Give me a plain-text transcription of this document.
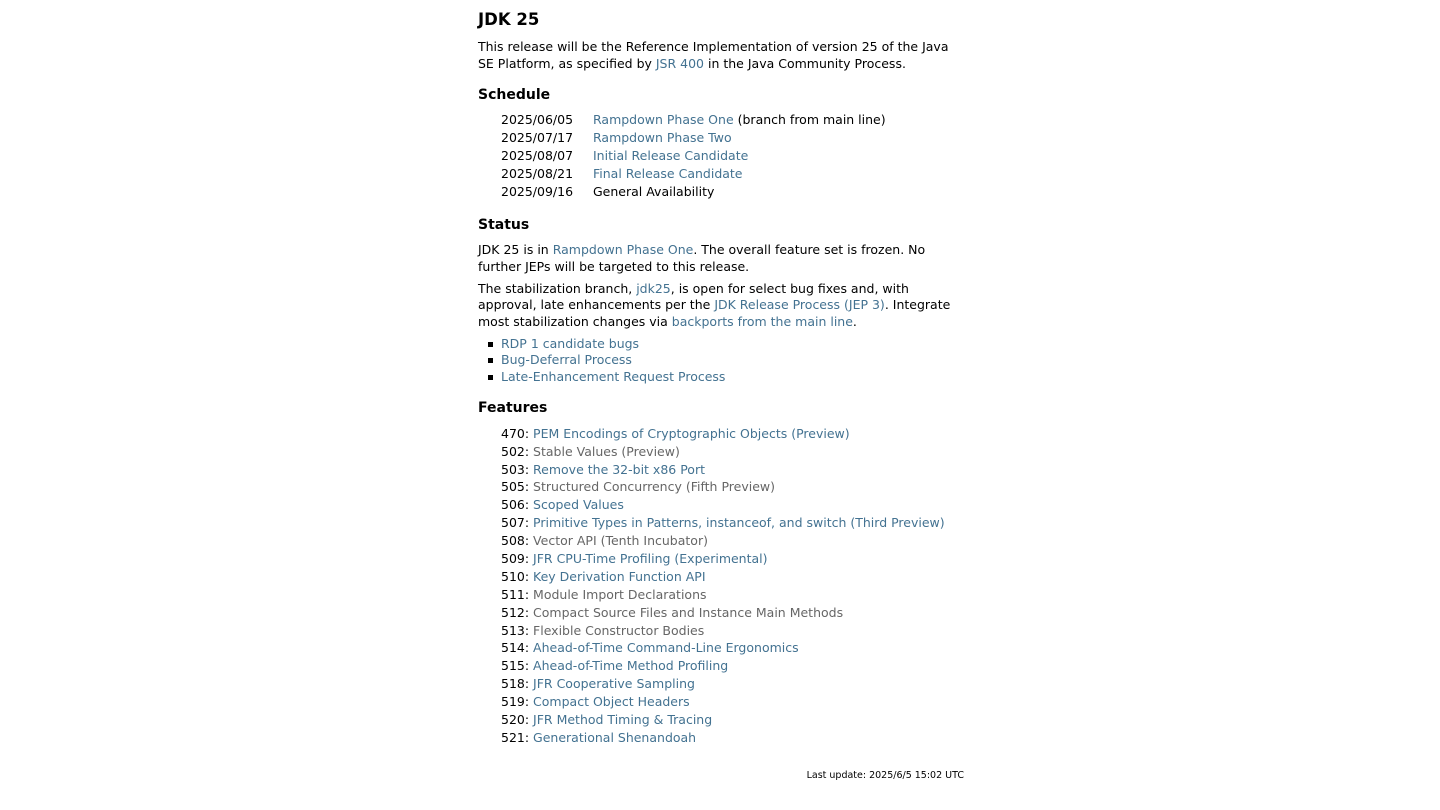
JDK 25

This release will be the Reference Implementation of version 25 of the Java SE Platform, as specified by JSR 400 in the Java Community Process.

Schedule
2025/06/05	Rampdown Phase One (branch from main line)
2025/07/17	Rampdown Phase Two
2025/08/07	Initial Release Candidate
2025/08/21	Final Release Candidate
2025/09/16	General Availability
Status

JDK 25 is in Rampdown Phase One. The overall feature set is frozen. No further JEPs will be targeted to this release.

The stabilization branch, jdk25, is open for select bug fixes and, with approval, late enhancements per the JDK Release Process (JEP 3). Integrate most stabilization changes via backports from the main line.

RDP 1 candidate bugs
Bug-Deferral Process
Late-Enhancement Request Process
Features
470: PEM Encodings of Cryptographic Objects (Preview)
502: Stable Values (Preview)
503: Remove the 32-bit x86 Port
505: Structured Concurrency (Fifth Preview)
506: Scoped Values
507: Primitive Types in Patterns, instanceof, and switch (Third Preview)
508: Vector API (Tenth Incubator)
509: JFR CPU-Time Profiling (Experimental)
510: Key Derivation Function API
511: Module Import Declarations
512: Compact Source Files and Instance Main Methods
513: Flexible Constructor Bodies
514: Ahead-of-Time Command-Line Ergonomics
515: Ahead-of-Time Method Profiling
518: JFR Cooperative Sampling
519: Compact Object Headers
520: JFR Method Timing & Tracing
521: Generational Shenandoah
Last update: 2025/6/5 15:02 UTC
